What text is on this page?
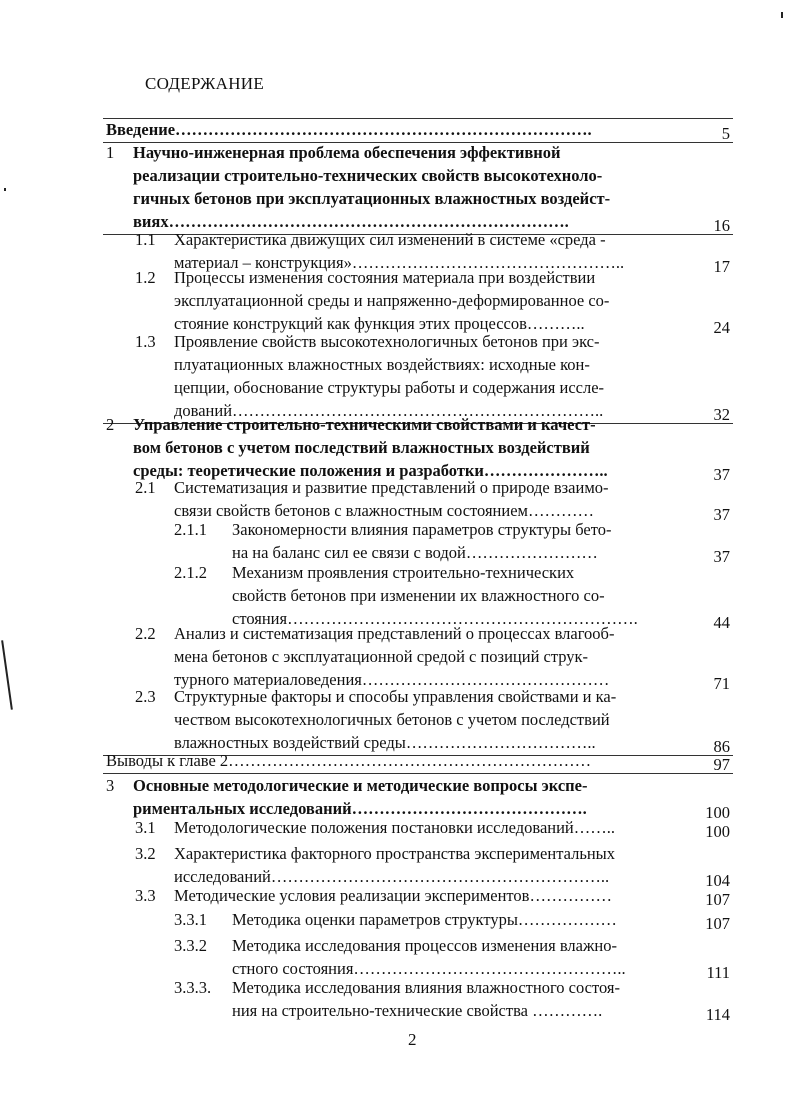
СОДЕРЖАНИЕ
Введение………………………………………………………………….	5
1 Научно-инженерная проблема обеспечения эффективной
реализации строительно-технических свойств высокотехноло-
гичных бетонов при эксплуатационных влажностных воздейст-
виях……………………………………………………………….	16
1.1 Характеристика движущих сил изменений в системе «среда -
материал – конструкция»…………………………………………..	17
1.2 Процессы изменения состояния материала при воздействии
эксплуатационной среды и напряженно-деформированное со-
стояние конструкций как функция этих процессов………..	24
1.3 Проявление свойств высокотехнологичных бетонов при экс-
плуатационных влажностных воздействиях: исходные кон-
цепции, обоснование структуры работы и содержания иссле-
дований…………………………………………………………..	32
2 Управление строительно-техническими свойствами и качест-
вом бетонов с учетом последствий влажностных воздействий
среды: теоретические положения и разработки…………………..	37
2.1 Систематизация и развитие представлений о природе взаимо-
связи свойств бетонов с влажностным состоянием…………	37
2.1.1 Закономерности влияния параметров структуры бето-
на на баланс сил ее связи с водой……………………	37
2.1.2 Механизм проявления строительно-технических
свойств бетонов при изменении их влажностного со-
стояния……………………………………………………….	44
2.2 Анализ и систематизация представлений о процессах влагооб-
мена бетонов с эксплуатационной средой с позиций струк-
турного материаловедения………………………………………	71
2.3 Структурные факторы и способы управления свойствами и ка-
чеством высокотехнологичных бетонов с учетом последствий
влажностных воздействий среды……………………………..	86
Выводы к главе 2…………………………………………………………	97
3 Основные методологические и методические вопросы экспе-
риментальных исследований…………………………………….	100
3.1 Методологические положения постановки исследований……..	100
3.2 Характеристика факторного пространства экспериментальных
исследований……………………………………………………..	104
3.3 Методические условия реализации экспериментов……………	107
3.3.1 Методика оценки параметров структуры………………	107
3.3.2 Методика исследования процессов изменения влажно-
стного состояния…………………………………………..	111
3.3.3. Методика исследования влияния влажностного состоя-
ния на строительно-технические свойства ………….	114
2
